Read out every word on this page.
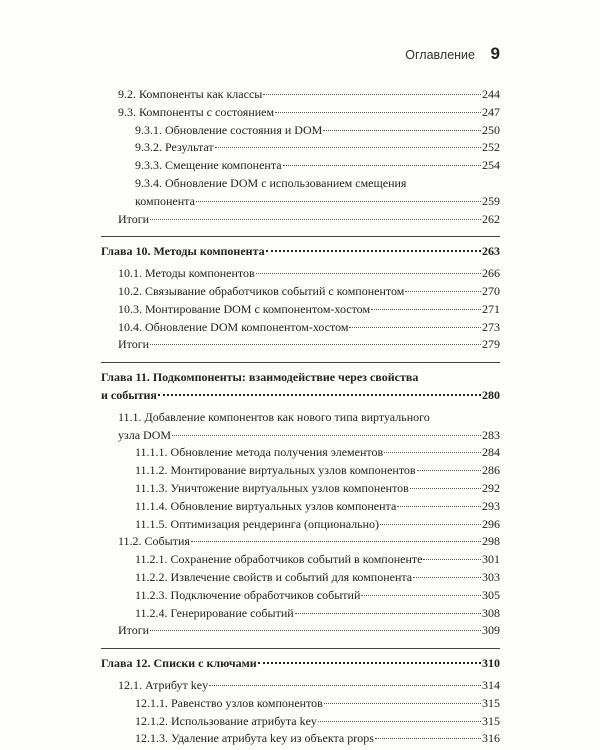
Оглавление 9
9.2. Компоненты как классы	244
9.3. Компоненты с состоянием	247
9.3.1. Обновление состояния и DOM	250
9.3.2. Результат	252
9.3.3. Смещение компонента	254
9.3.4. Обновление DOM с использованием смещения
компонента	259
Итоги	262
Глава 10. Методы компонента	263
10.1. Методы компонентов	266
10.2. Связывание обработчиков событий с компонентом	270
10.3. Монтирование DOM с компонентом-хостом	271
10.4. Обновление DOM компонентом-хостом	273
Итоги	279
Глава 11. Подкомпоненты: взаимодействие через свойства
и события	280
11.1. Добавление компонентов как нового типа виртуального
узла DOM	283
11.1.1. Обновление метода получения элементов	284
11.1.2. Монтирование виртуальных узлов компонентов	286
11.1.3. Уничтожение виртуальных узлов компонентов	292
11.1.4. Обновление виртуальных узлов компонента	293
11.1.5. Оптимизация рендеринга (опционально)	296
11.2. События	298
11.2.1. Сохранение обработчиков событий в компоненте	301
11.2.2. Извлечение свойств и событий для компонента	303
11.2.3. Подключение обработчиков событий	305
11.2.4. Генерирование событий	308
Итоги	309
Глава 12. Списки с ключами	310
12.1. Атрибут key	314
12.1.1. Равенство узлов компонентов	315
12.1.2. Использование атрибута key	315
12.1.3. Удаление атрибута key из объекта props	316
